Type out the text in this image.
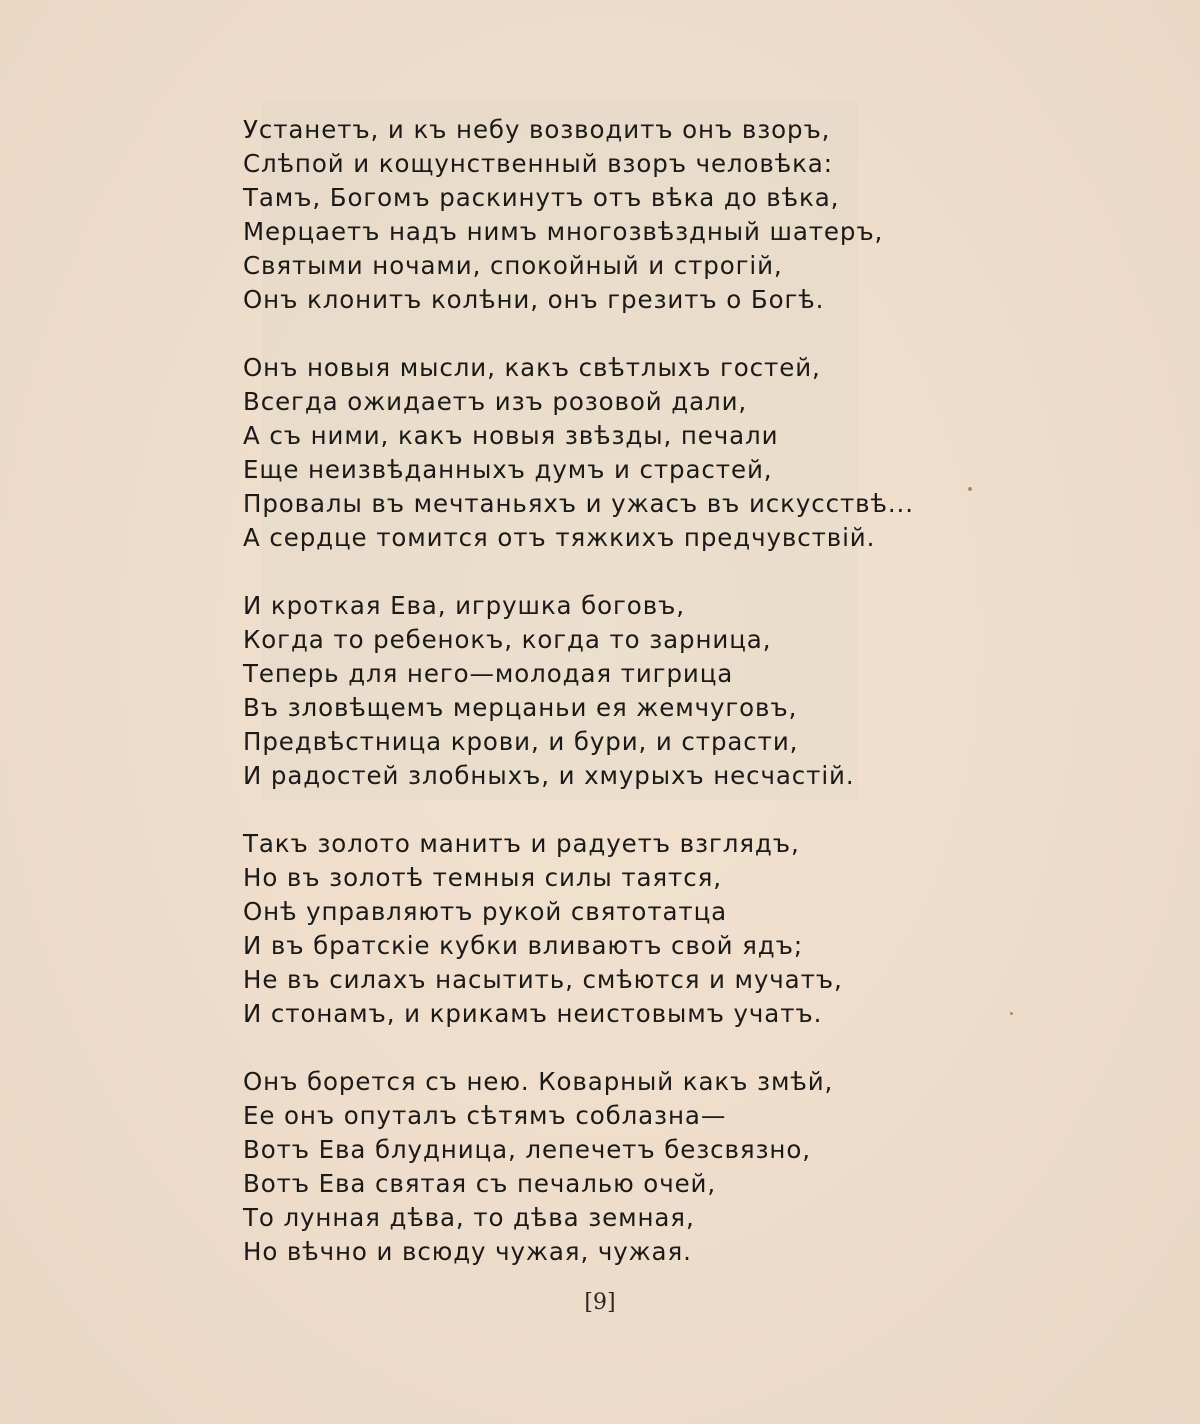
Устанетъ, и къ небу возводитъ онъ взоръ,
Слѣпой и кощунственный взоръ человѣка:
Тамъ, Богомъ раскинутъ отъ вѣка до вѣка,
Мерцаетъ надъ нимъ многозвѣздный шатеръ,
Святыми ночами, спокойный и строгій,
Онъ клонитъ колѣни, онъ грезитъ о Богѣ.
Онъ новыя мысли, какъ свѣтлыхъ гостей,
Всегда ожидаетъ изъ розовой дали,
А съ ними, какъ новыя звѣзды, печали
Еще неизвѣданныхъ думъ и страстей,
Провалы въ мечтаньяхъ и ужасъ въ искусствѣ...
А сердце томится отъ тяжкихъ предчувствій.
И кроткая Ева, игрушка боговъ,
Когда то ребенокъ, когда то зарница,
Теперь для него—молодая тигрица
Въ зловѣщемъ мерцаньи ея жемчуговъ,
Предвѣстница крови, и бури, и страсти,
И радостей злобныхъ, и хмурыхъ несчастій.
Такъ золото манитъ и радуетъ взглядъ,
Но въ золотѣ темныя силы таятся,
Онѣ управляютъ рукой святотатца
И въ братскіе кубки вливаютъ свой ядъ;
Не въ силахъ насытить, смѣются и мучатъ,
И стонамъ, и крикамъ неистовымъ учатъ.
Онъ борется съ нею. Коварный какъ змѣй,
Ее онъ опуталъ сѣтямъ соблазна—
Вотъ Ева блудница, лепечетъ безсвязно,
Вотъ Ева святая съ печалью очей,
То лунная дѣва, то дѣва земная,
Но вѣчно и всюду чужая, чужая.
[9]
